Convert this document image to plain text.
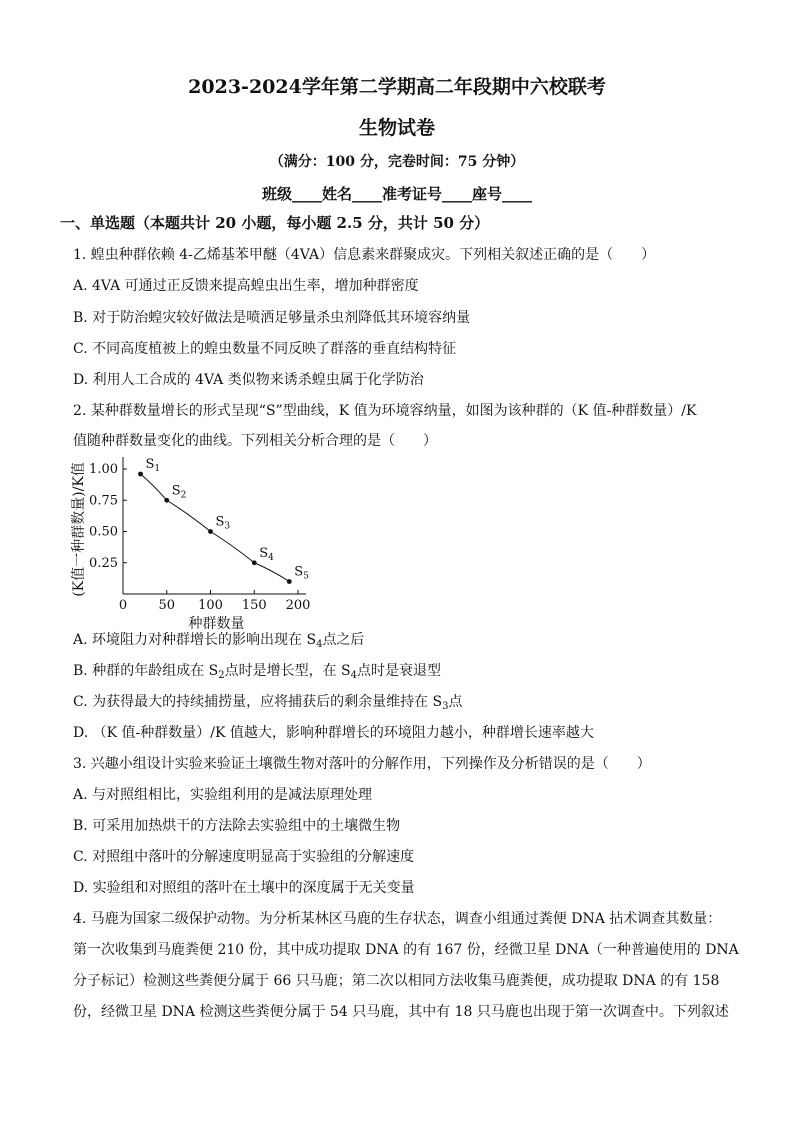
2023-2024学年第二学期高二年段期中六校联考
生物试卷
（满分：100 分，完卷时间：75 分钟）
班级____姓名____准考证号____座号____
一、单选题（本题共计 20 小题，每小题 2.5 分，共计 50 分）
1. 蝗虫种群依赖 4-乙烯基苯甲醚（4VA）信息素来群聚成灾。下列相关叙述正确的是（　　）
A. 4VA 可通过正反馈来提高蝗虫出生率，增加种群密度
B. 对于防治蝗灾较好做法是喷洒足够量杀虫剂降低其环境容纳量
C. 不同高度植被上的蝗虫数量不同反映了群落的垂直结构特征
D. 利用人工合成的 4VA 类似物来诱杀蝗虫属于化学防治
2. 某种群数量增长的形式呈现“S”型曲线，K 值为环境容纳量，如图为该种群的（K 值-种群数量）/K
值随种群数量变化的曲线。下列相关分析合理的是（　　）
0 50 100 150 200
0.25
0.50
0.75
1.00
种群数量
(K值一种群数量)/K值	$S_1$
$S_2$
$S_3$
$S_4$
$S_5$
A. 环境阻力对种群增长的影响出现在 $S_4$点之后
B. 种群的年龄组成在 $S_2$点时是增长型，在 $S_4$点时是衰退型
C. 为获得最大的持续捕捞量，应将捕获后的剩余量维持在 $S_3$点
D. （K 值-种群数量）/K 值越大，影响种群增长的环境阻力越小，种群增长速率越大
3. 兴趣小组设计实验来验证土壤微生物对落叶的分解作用，下列操作及分析错误的是（　　）
A. 与对照组相比，实验组利用的是减法原理处理
B. 可采用加热烘干的方法除去实验组中的土壤微生物
C. 对照组中落叶的分解速度明显高于实验组的分解速度
D. 实验组和对照组的落叶在土壤中的深度属于无关变量
4. 马鹿为国家二级保护动物。为分析某林区马鹿的生存状态，调查小组通过粪便 DNA 拈术调查其数量：
第一次收集到马鹿粪便 210 份，其中成功提取 DNA 的有 167 份，经微卫星 DNA（一种普遍使用的 DNA
分子标记）检测这些粪便分属于 66 只马鹿；第二次以相同方法收集马鹿粪便，成功提取 DNA 的有 158
份，经微卫星 DNA 检测这些粪便分属于 54 只马鹿，其中有 18 只马鹿也出现于第一次调查中。下列叙述
